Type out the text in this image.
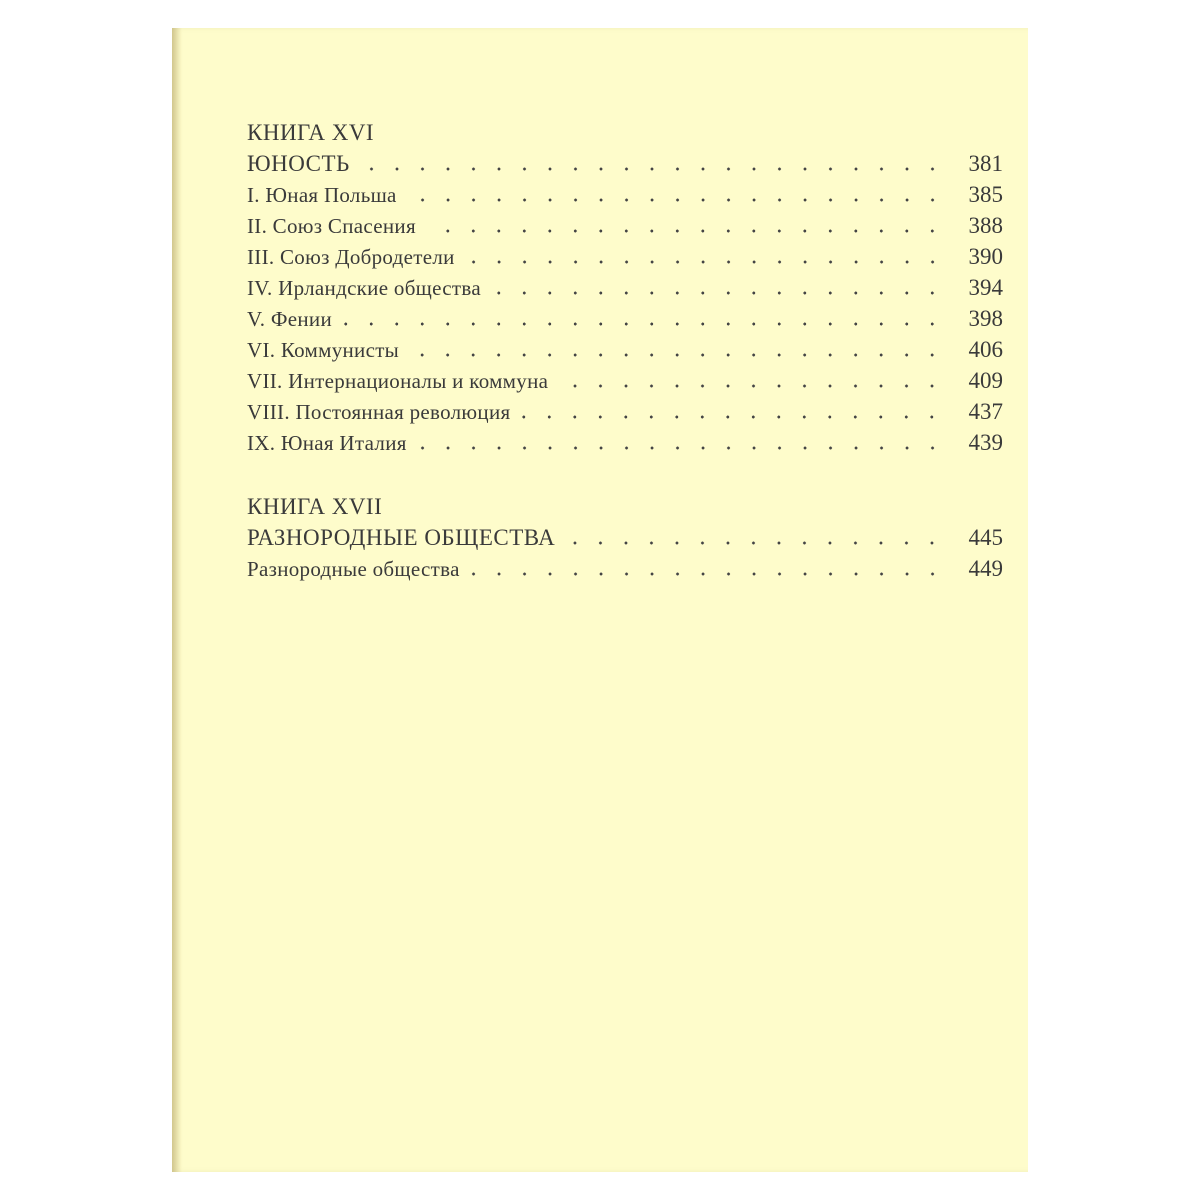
КНИГА XVI
ЮНОСТЬ	381
I. Юная Польша	385
II. Союз Спасения	388
III. Союз Добродетели	390
IV. Ирландские общества	394
V. Фении	398
VI. Коммунисты	406
VII. Интернационалы и коммуна	409
VIII. Постоянная революция	437
IX. Юная Италия	439
КНИГА XVII
РАЗНОРОДНЫЕ ОБЩЕСТВА	445
Разнородные общества	449
